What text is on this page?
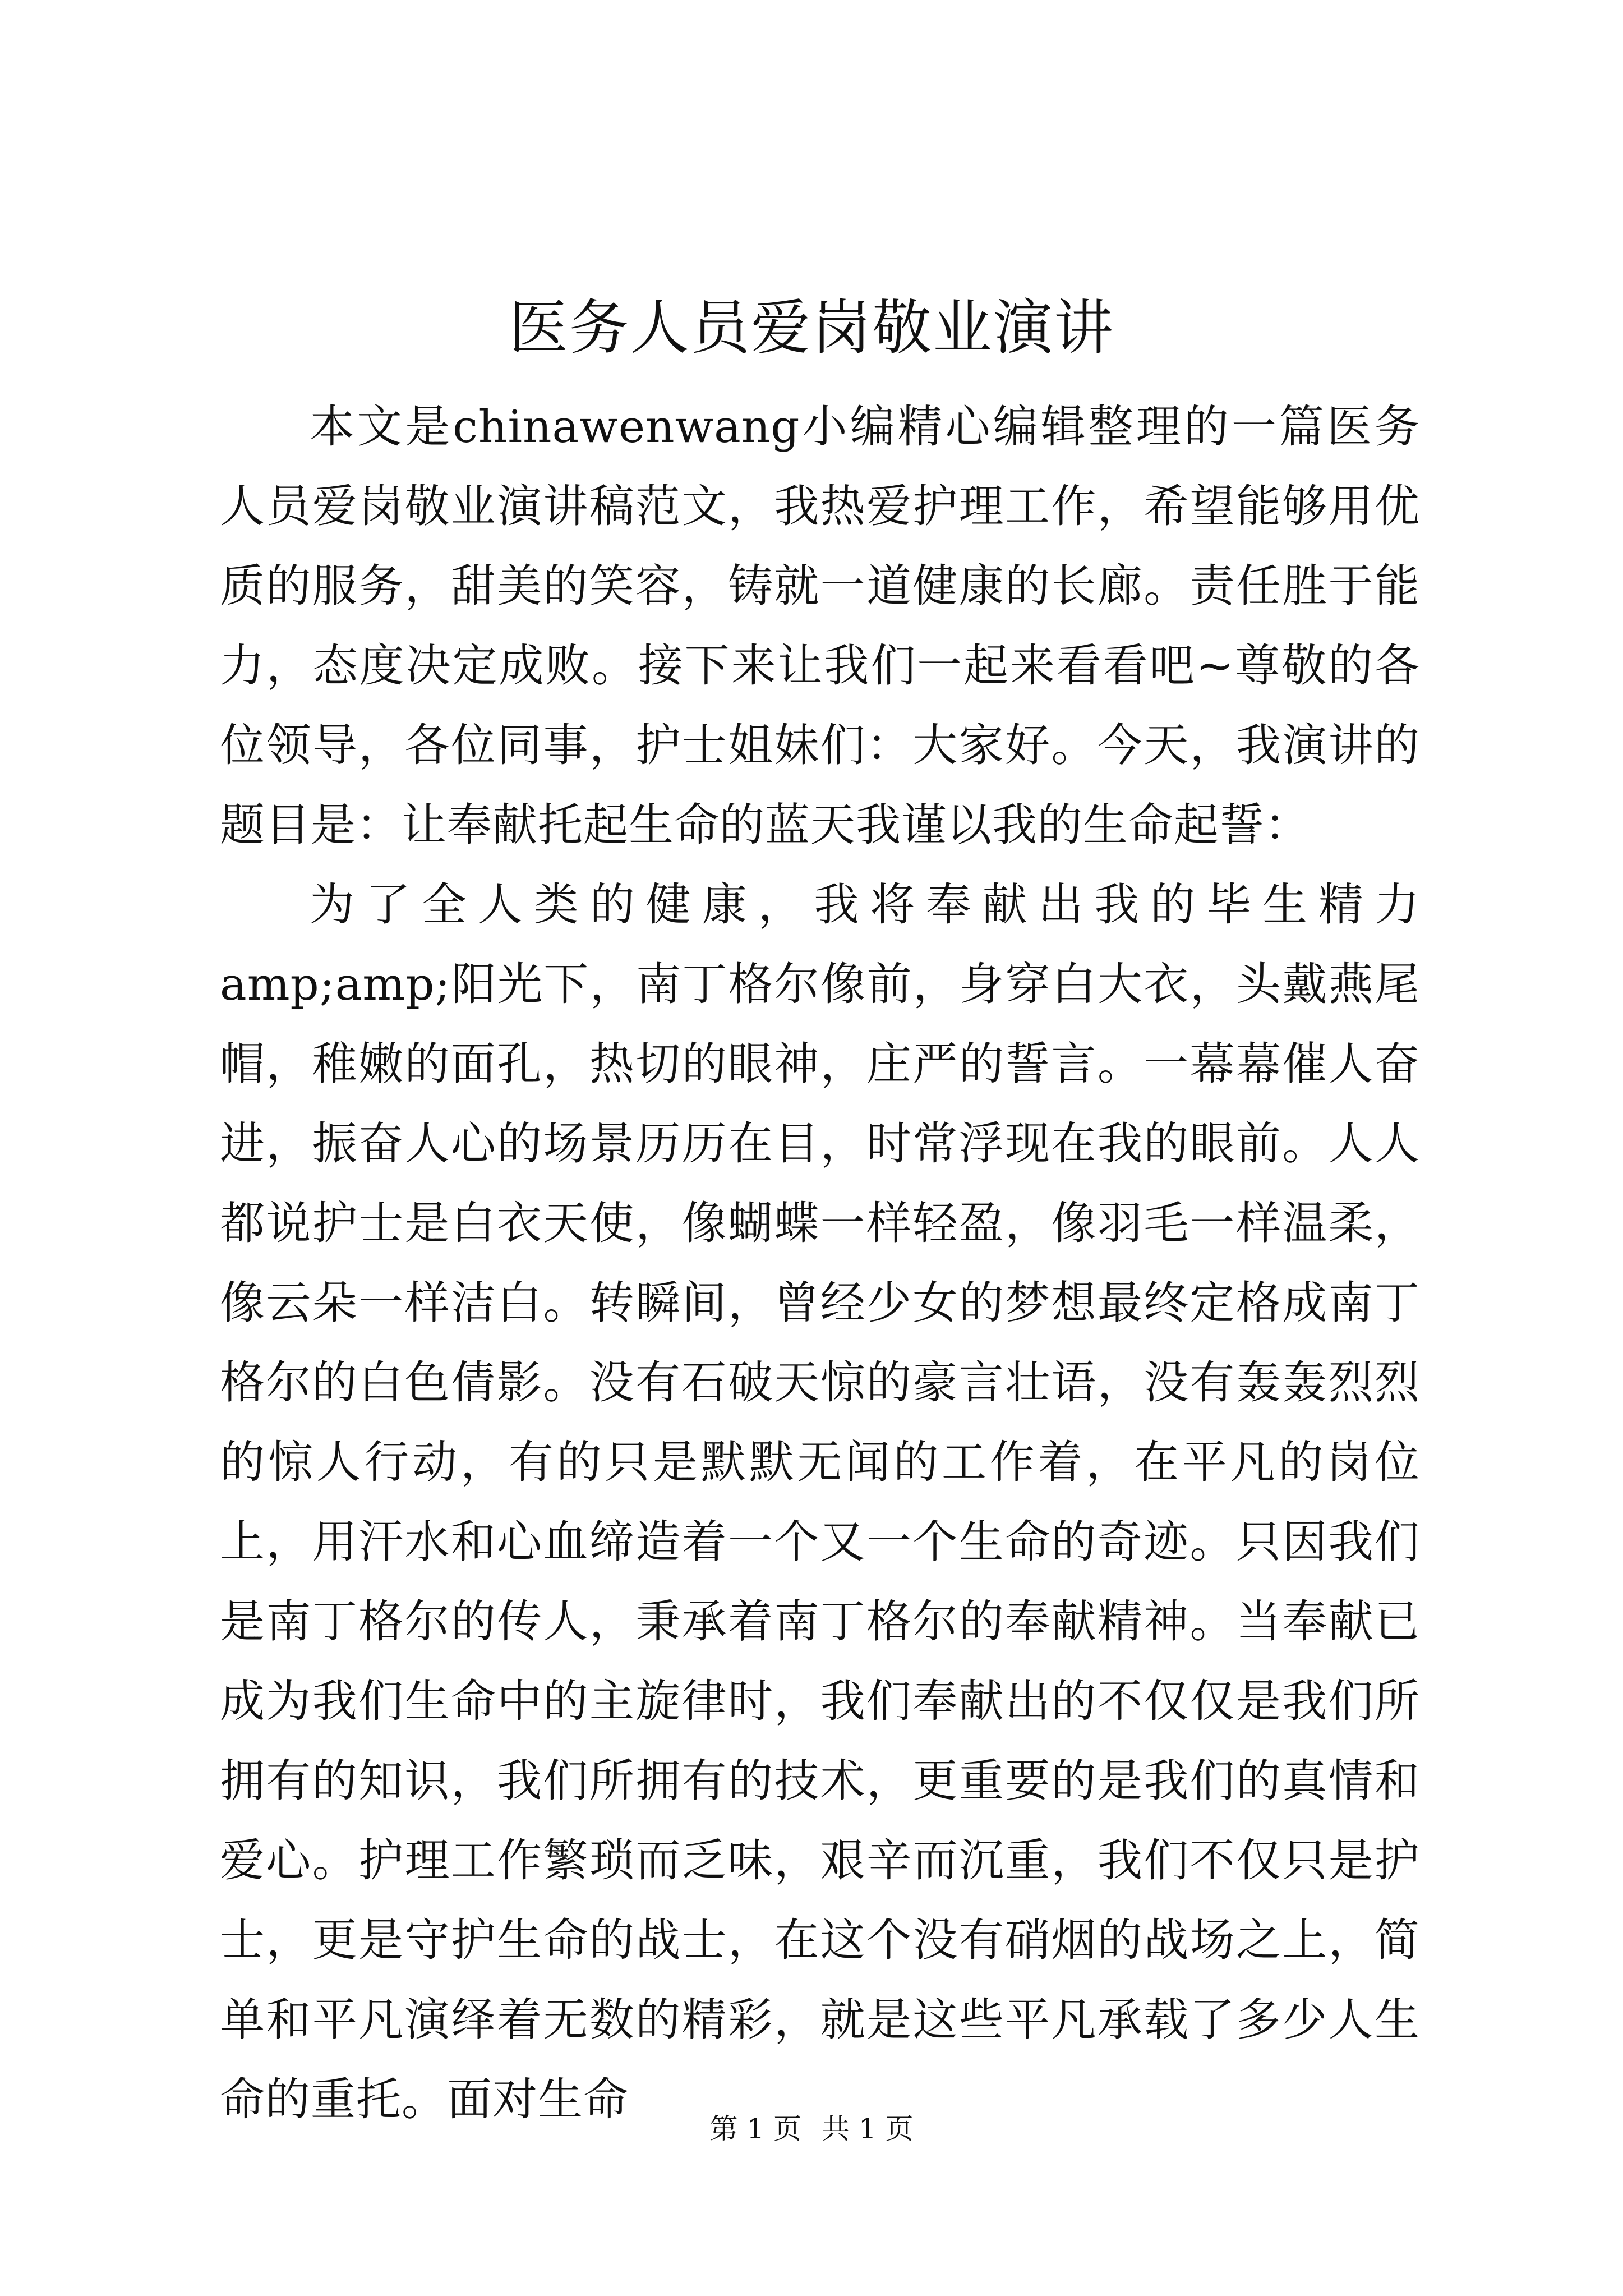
医务人员爱岗敬业演讲

本文是chinawenwang小编精心编辑整理的一篇医务人员爱岗敬业演讲稿范文，我热爱护理工作，希望能够用优质的服务，甜美的笑容，铸就一道健康的长廊。责任胜于能力，态度决定成败。接下来让我们一起来看看吧~尊敬的各位领导，各位同事，护士姐妹们：大家好。今天，我演讲的题目是：让奉献托起生命的蓝天我谨以我的生命起誓：

为了全人类的健康，我将奉献出我的毕生精力amp;amp;阳光下，南丁格尔像前，身穿白大衣，头戴燕尾帽，稚嫩的面孔，热切的眼神，庄严的誓言。一幕幕催人奋进，振奋人心的场景历历在目，时常浮现在我的眼前。人人都说护士是白衣天使，像蝴蝶一样轻盈，像羽毛一样温柔，像云朵一样洁白。转瞬间，曾经少女的梦想最终定格成南丁格尔的白色倩影。没有石破天惊的豪言壮语，没有轰轰烈烈的惊人行动，有的只是默默无闻的工作着，在平凡的岗位上，用汗水和心血缔造着一个又一个生命的奇迹。只因我们是南丁格尔的传人，秉承着南丁格尔的奉献精神。当奉献已成为我们生命中的主旋律时，我们奉献出的不仅仅是我们所拥有的知识，我们所拥有的技术，更重要的是我们的真情和爱心。护理工作繁琐而乏味，艰辛而沉重，我们不仅只是护士，更是守护生命的战士，在这个没有硝烟的战场之上，简单和平凡演绎着无数的精彩，就是这些平凡承载了多少人生命的重托。面对生命

第 1 页 共 1 页
